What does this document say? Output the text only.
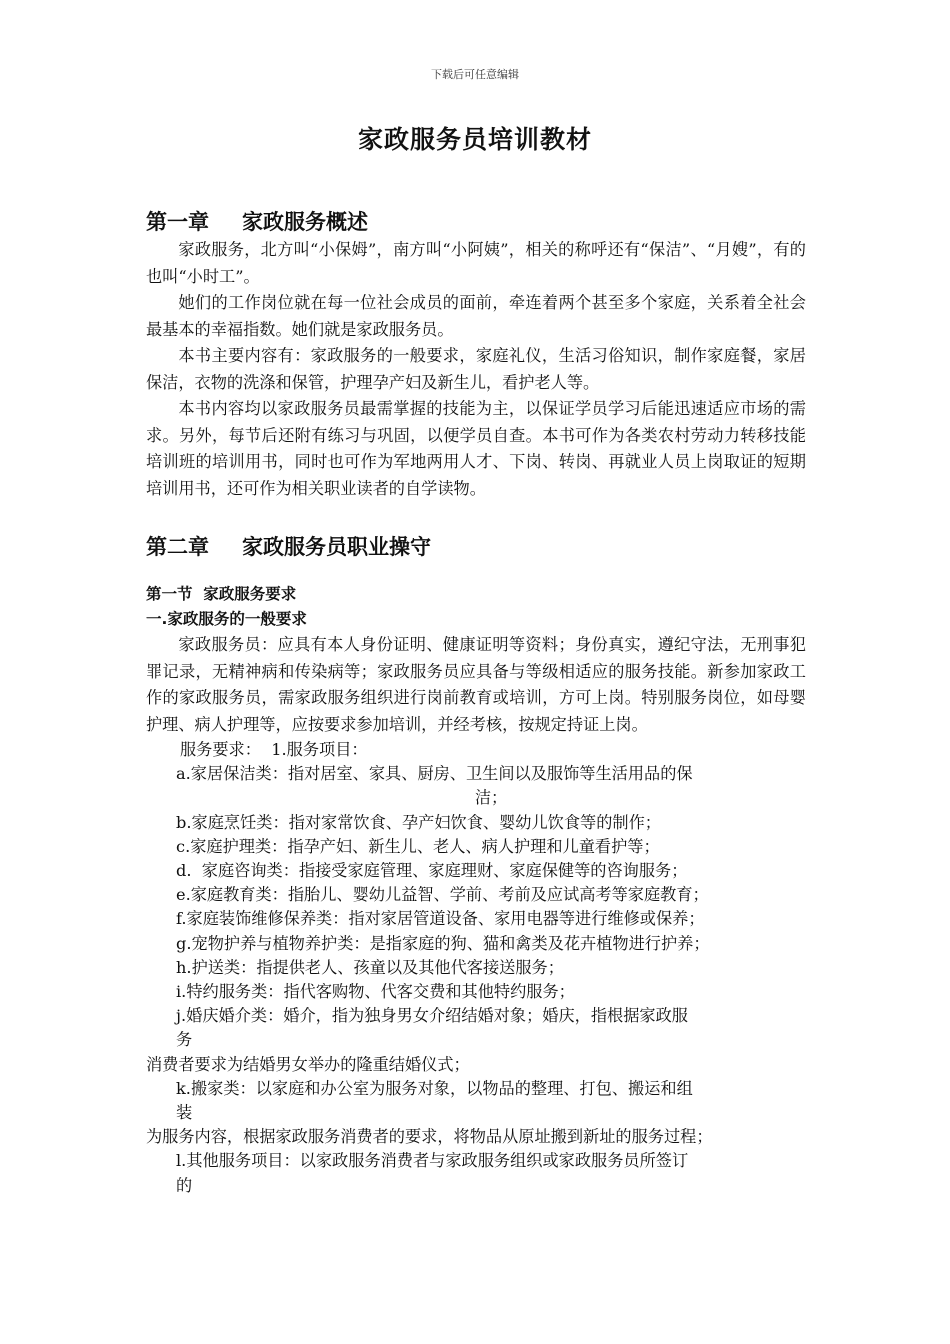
下载后可任意编辑
家政服务员培训教材
第一章 家政服务概述

家政服务，北方叫“小保姆”，南方叫“小阿姨”，相关的称呼还有“保洁”、“月嫂”，有的也叫“小时工”。

她们的工作岗位就在每一位社会成员的面前，牵连着两个甚至多个家庭，关系着全社会最基本的幸福指数。她们就是家政服务员。

本书主要内容有：家政服务的一般要求，家庭礼仪，生活习俗知识，制作家庭餐，家居保洁，衣物的洗涤和保管，护理孕产妇及新生儿，看护老人等。

本书内容均以家政服务员最需掌握的技能为主，以保证学员学习后能迅速适应市场的需求。另外，每节后还附有练习与巩固，以便学员自查。本书可作为各类农村劳动力转移技能培训班的培训用书，同时也可作为军地两用人才、下岗、转岗、再就业人员上岗取证的短期培训用书，还可作为相关职业读者的自学读物。

第二章 家政服务员职业操守
第一节  家政服务要求
一.家政服务的一般要求

家政服务员：应具有本人身份证明、健康证明等资料；身份真实，遵纪守法，无刑事犯罪记录，无精神病和传染病等；家政服务员应具备与等级相适应的服务技能。新参加家政工作的家政服务员，需家政服务组织进行岗前教育或培训，方可上岗。特别服务岗位，如母婴护理、病人护理等，应按要求参加培训，并经考核，按规定持证上岗。

服务要求：  1.服务项目：
a.家居保洁类：指对居室、家具、厨房、卫生间以及服饰等生活用品的保
洁；
b.家庭烹饪类：指对家常饮食、孕产妇饮食、婴幼儿饮食等的制作；
c.家庭护理类：指孕产妇、新生儿、老人、病人护理和儿童看护等；
d.  家庭咨询类：指接受家庭管理、家庭理财、家庭保健等的咨询服务；
e.家庭教育类：指胎儿、婴幼儿益智、学前、考前及应试高考等家庭教育；
f.家庭装饰维修保养类：指对家居管道设备、家用电器等进行维修或保养；
g.宠物护养与植物养护类：是指家庭的狗、猫和禽类及花卉植物进行护养；
h.护送类：指提供老人、孩童以及其他代客接送服务；
i.特约服务类：指代客购物、代客交费和其他特约服务；
j.婚庆婚介类：婚介，指为独身男女介绍结婚对象；婚庆，指根据家政服
务
消费者要求为结婚男女举办的隆重结婚仪式；
k.搬家类：以家庭和办公室为服务对象，以物品的整理、打包、搬运和组
装
为服务内容，根据家政服务消费者的要求，将物品从原址搬到新址的服务过程；
l.其他服务项目：以家政服务消费者与家政服务组织或家政服务员所签订
的
